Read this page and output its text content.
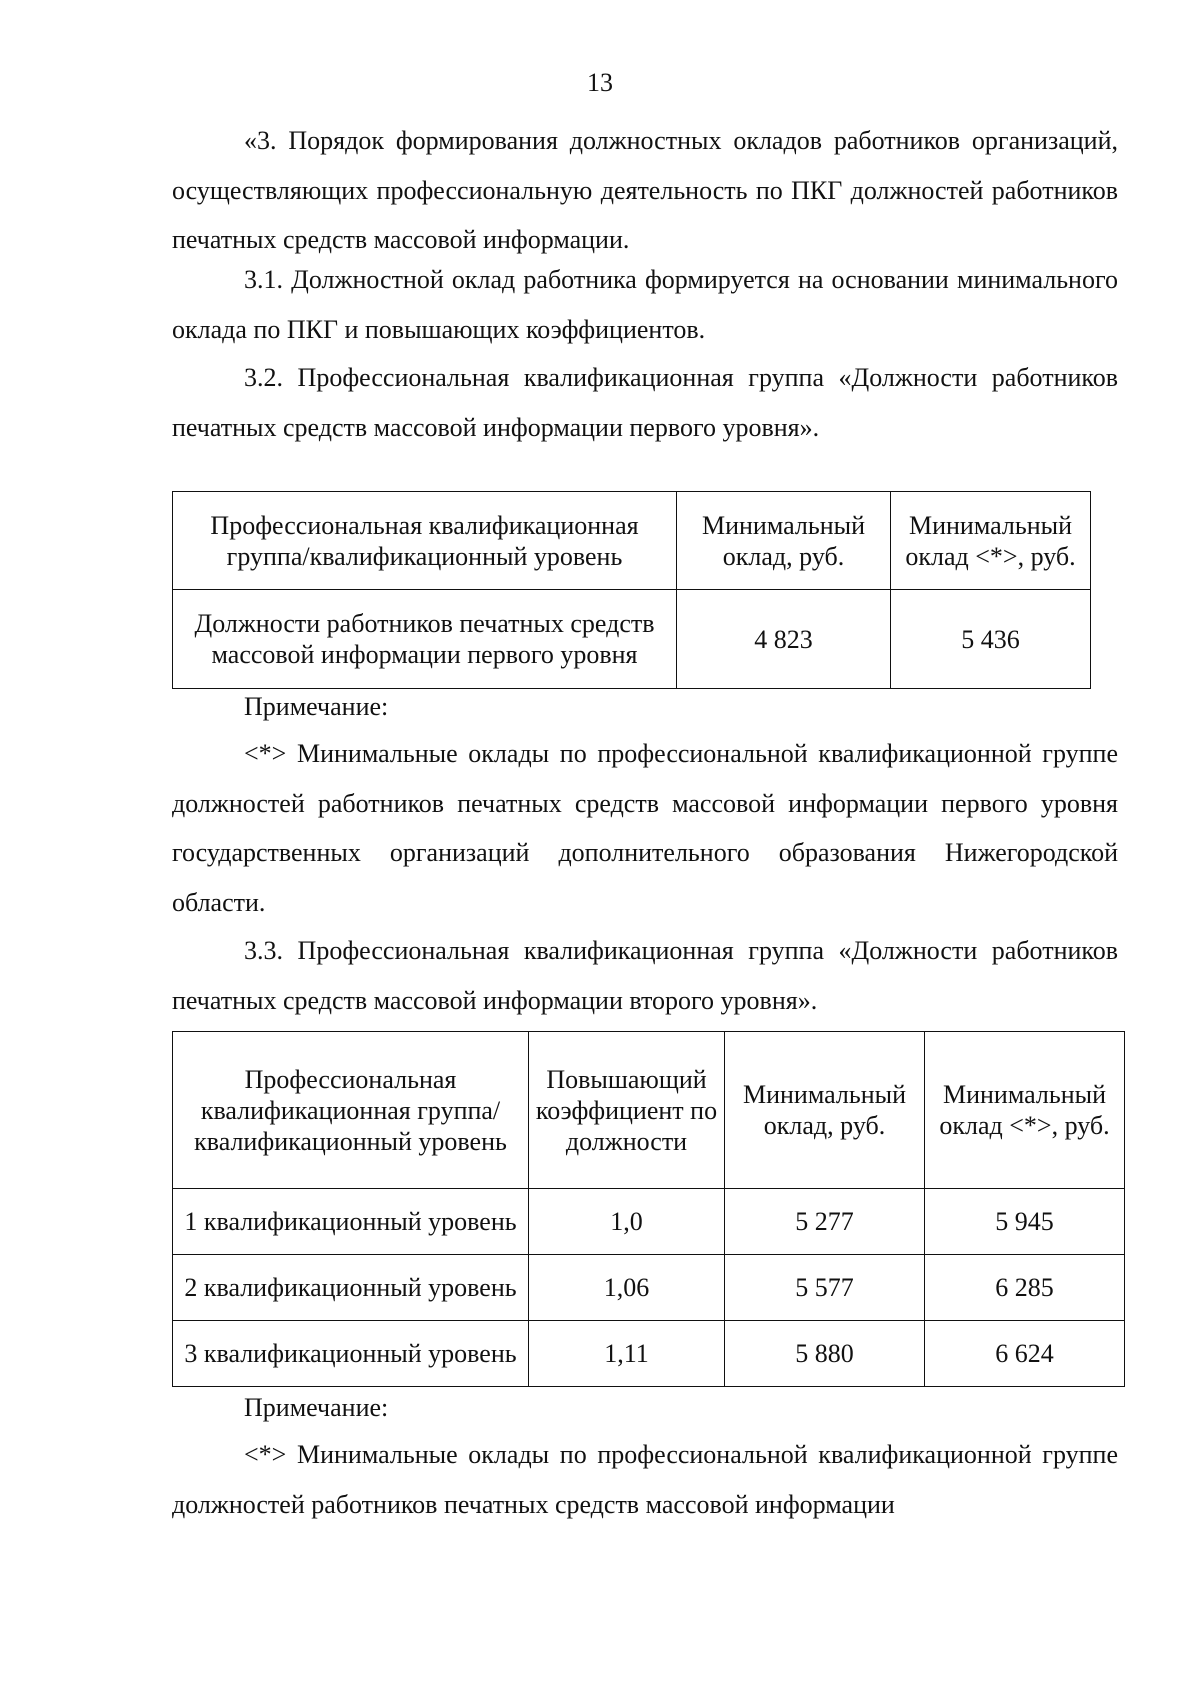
13

«3. Порядок формирования должностных окладов работников организаций, осуществляющих профессиональную деятельность по ПКГ должностей работников печатных средств массовой информации.

3.1. Должностной оклад работника формируется на основании минимального оклада по ПКГ и повышающих коэффициентов.

3.2. Профессиональная квалификационная группа «Должности работников печатных средств массовой информации первого уровня».

Профессиональная квалификационная группа/квалификационный уровень	Минимальный оклад, руб.	Минимальный оклад <*>, руб.
Должности работников печатных средств массовой информации первого уровня	4 823	5 436

Примечание:

<*> Минимальные оклады по профессиональной квалификационной группе должностей работников печатных средств массовой информации первого уровня государственных организаций дополнительного образования Нижегородской области.

3.3. Профессиональная квалификационная группа «Должности работников печатных средств массовой информации второго уровня».

Профессиональная квалификационная группа/квалификационный уровень	Повышающий коэффициент по должности	Минимальный оклад, руб.	Минимальный оклад <*>, руб.
1 квалификационный уровень	1,0	5 277	5 945
2 квалификационный уровень	1,06	5 577	6 285
3 квалификационный уровень	1,11	5 880	6 624

Примечание:

<*> Минимальные оклады по профессиональной квалификационной группе должностей работников печатных средств массовой информации
